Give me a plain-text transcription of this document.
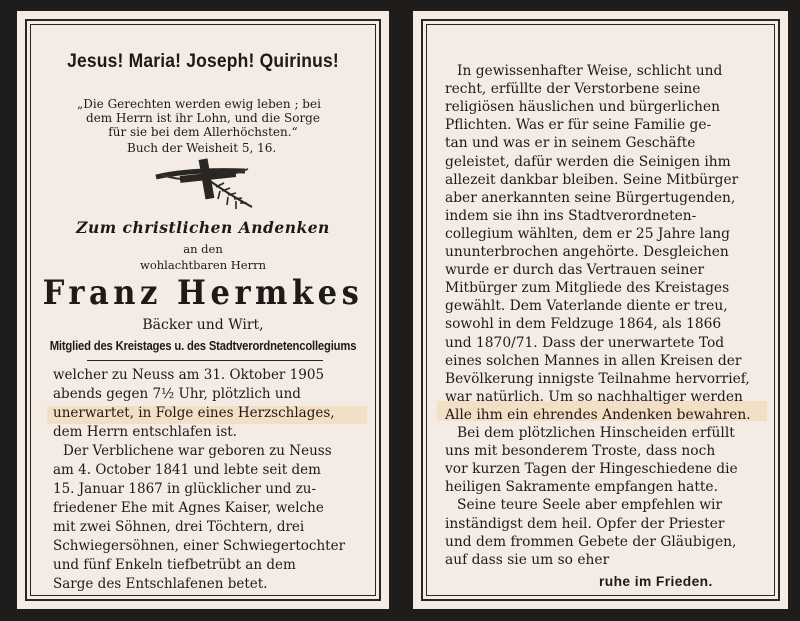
Jesus! Maria! Joseph! Quirinus!
„Die Gerechten werden ewig leben ; bei
dem Herrn ist ihr Lohn, und die Sorge
für sie bei dem Allerhöchsten.“
Buch der Weisheit 5, 16.
Zum christlichen Andenken
an den
wohlachtbaren Herrn
Franz Hermkes
Bäcker und Wirt,
Mitglied des Kreistages u. des Stadtverordnetencollegiums
welcher zu Neuss am 31. Oktober 1905
abends gegen 7½ Uhr, plötzlich und
unerwartet, in Folge eines Herzschlages,
dem Herrn entschlafen ist.
Der Verblichene war geboren zu Neuss
am 4. October 1841 und lebte seit dem
15. Januar 1867 in glücklicher und zu-
friedener Ehe mit Agnes Kaiser, welche
mit zwei Söhnen, drei Töchtern, drei
Schwiegersöhnen, einer Schwiegertochter
und fünf Enkeln tiefbetrübt an dem
Sarge des Entschlafenen betet.
In gewissenhafter Weise, schlicht und
recht, erfüllte der Verstorbene seine
religiösen häuslichen und bürgerlichen
Pflichten. Was er für seine Familie ge-
tan und was er in seinem Geschäfte
geleistet, dafür werden die Seinigen ihm
allezeit dankbar bleiben. Seine Mitbürger
aber anerkannten seine Bürgertugenden,
indem sie ihn ins Stadtverordneten-
collegium wählten, dem er 25 Jahre lang
ununterbrochen angehörte. Desgleichen
wurde er durch das Vertrauen seiner
Mitbürger zum Mitgliede des Kreistages
gewählt. Dem Vaterlande diente er treu,
sowohl in dem Feldzuge 1864, als 1866
und 1870/71. Dass der unerwartete Tod
eines solchen Mannes in allen Kreisen der
Bevölkerung innigste Teilnahme hervorrief,
war natürlich. Um so nachhaltiger werden
Alle ihm ein ehrendes Andenken bewahren.
Bei dem plötzlichen Hinscheiden erfüllt
uns mit besonderem Troste, dass noch
vor kurzen Tagen der Hingeschiedene die
heiligen Sakramente empfangen hatte.
Seine teure Seele aber empfehlen wir
inständigst dem heil. Opfer der Priester
und dem frommen Gebete der Gläubigen,
auf dass sie um so eher
ruhe im Frieden.
